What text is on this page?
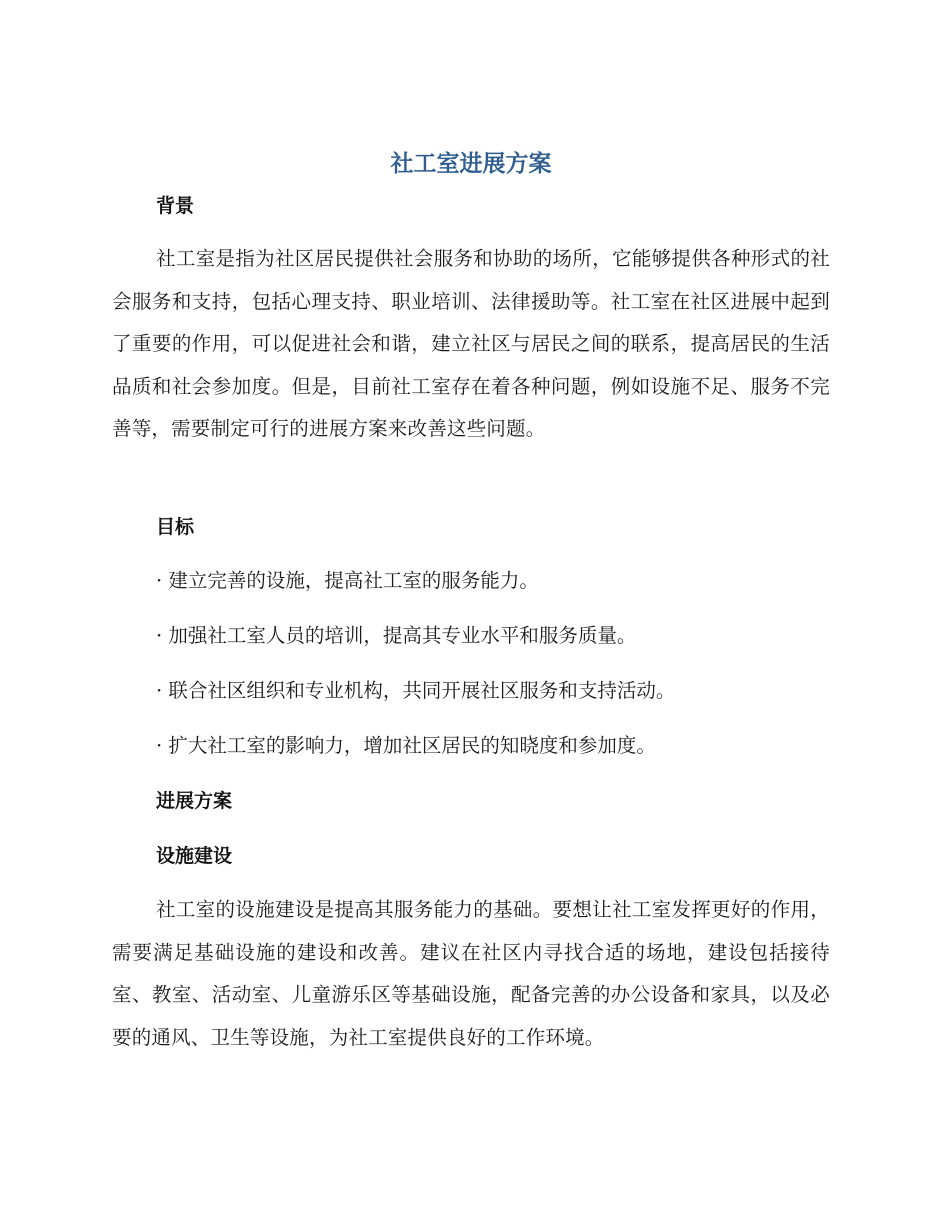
社工室进展方案
背景

社工室是指为社区居民提供社会服务和协助的场所，它能够提供各种形式的社会服务和支持，包括心理支持、职业培训、法律援助等。社工室在社区进展中起到了重要的作用，可以促进社会和谐，建立社区与居民之间的联系，提高居民的生活品质和社会参加度。但是，目前社工室存在着各种问题，例如设施不足、服务不完善等，需要制定可行的进展方案来改善这些问题。

目标

· 建立完善的设施，提高社工室的服务能力。

· 加强社工室人员的培训，提高其专业水平和服务质量。

· 联合社区组织和专业机构，共同开展社区服务和支持活动。

· 扩大社工室的影响力，增加社区居民的知晓度和参加度。

进展方案
设施建设

社工室的设施建设是提高其服务能力的基础。要想让社工室发挥更好的作用，需要满足基础设施的建设和改善。建议在社区内寻找合适的场地，建设包括接待室、教室、活动室、儿童游乐区等基础设施，配备完善的办公设备和家具，以及必要的通风、卫生等设施，为社工室提供良好的工作环境。
